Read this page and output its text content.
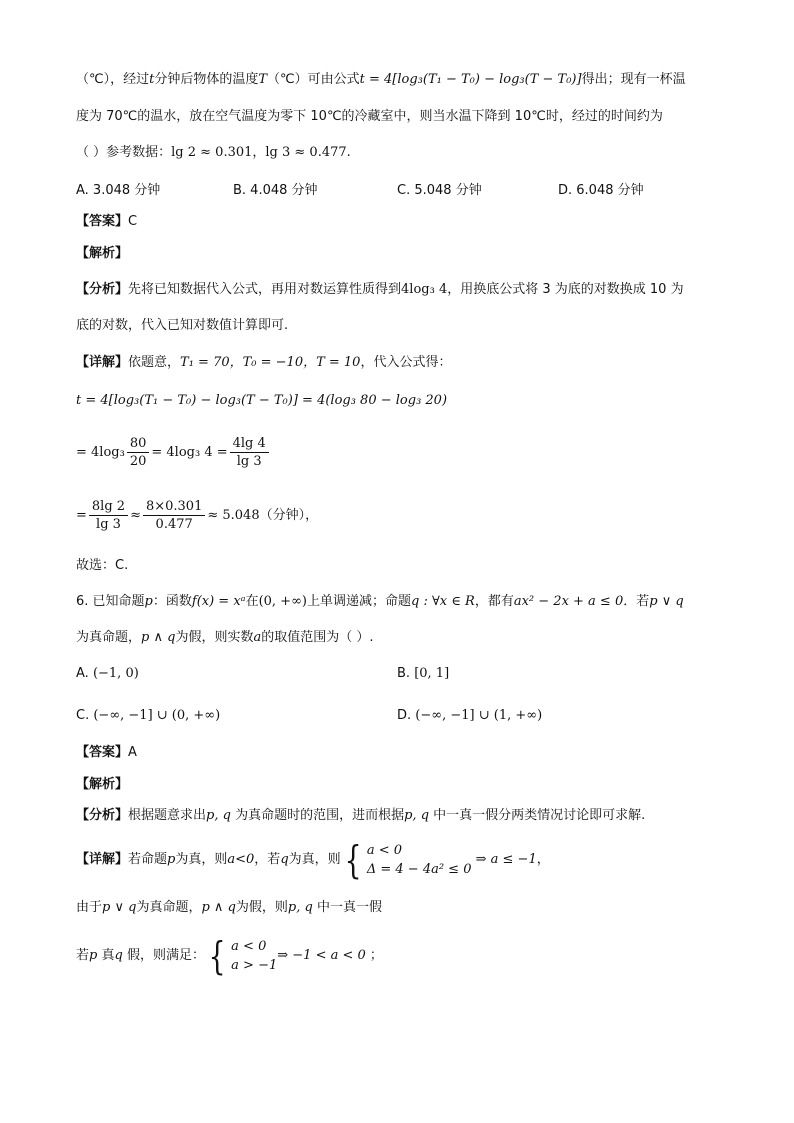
（℃），经过t分钟后物体的温度T（℃）可由公式t = 4[log₃(T₁ − T₀) − log₃(T − T₀)]得出；现有一杯温
度为 70℃的温水，放在空气温度为零下 10℃的冷藏室中，则当水温下降到 10℃时，经过的时间约为
（ ）参考数据：lg 2 ≈ 0.301，lg 3 ≈ 0.477.
A. 3.048 分钟	B. 4.048 分钟	C. 5.048 分钟	D. 6.048 分钟
【答案】C
【解析】
【分析】先将已知数据代入公式，再用对数运算性质得到4log₃ 4，用换底公式将 3 为底的对数换成 10 为
底的对数，代入已知对数值计算即可.
【详解】依题意，T₁ = 70，T₀ = −10，T = 10，代入公式得：
t = 4[log₃(T₁ − T₀) − log₃(T − T₀)] = 4(log₃ 80 − log₃ 20)
= $4\log_3 \frac{80}{20} = 4\log_3$ $4 = \frac{4\lg 4}{\lg 3}$
= $\frac{8\lg 2}{\lg 3} \approx \frac{8\times 0.301}{0.477} \approx 5.048$（分钟），
故选：C.
6. 已知命题p：函数f(x) = xᵃ在(0, +∞)上单调递减；命题q : ∀x ∈ R，都有ax² − 2x + a ≤ 0．若p ∨ q
为真命题，p ∧ q为假，则实数a的取值范围为（ ）.
A. (−1, 0)	B. [0, 1]
C. (−∞, −1] ∪ (0, +∞)	D. (−∞, −1] ∪ (1, +∞)
【答案】A
【解析】
【分析】根据题意求出p, q 为真命题时的范围，进而根据p, q 中一真一假分两类情况讨论即可求解.
【详解】若命题p为真，则a<0，若q为真，则 { a < 0
Δ = 4 − 4a² ≤ 0
⇒ a ≤ −1，
由于p ∨ q为真命题，p ∧ q为假，则p, q 中一真一假
若p 真q 假，则满足： { a < 0
a > −1
⇒ −1 < a < 0 ；
